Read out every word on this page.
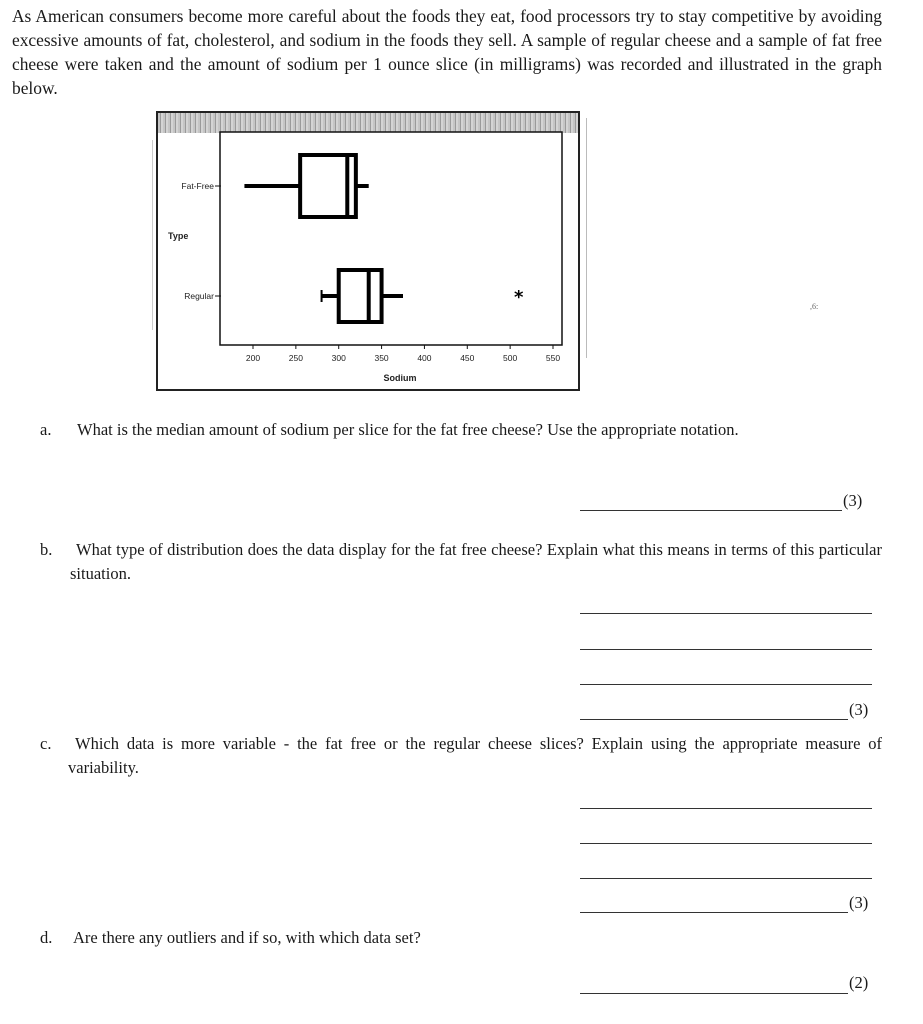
As American consumers become more careful about the foods they eat, food processors try to stay competitive by avoiding excessive amounts of fat, cholesterol, and sodium in the foods they sell. A sample of regular cheese and a sample of fat free cheese were taken and the amount of sodium per 1 ounce slice (in milligrams) was recorded and illustrated in the graph below.
200	250	300	350	400	450	500	550
Fat-Free
Regular	*
Type
Sodium
,6:
a. What is the median amount of sodium per slice for the fat free cheese? Use the appropriate notation.
(3)
b.	What type of distribution does the data display for the fat free cheese? Explain what this means in terms of this particular situation.
(3)
c.	Which data is more variable - the fat free or the regular cheese slices? Explain using the appropriate measure of variability.
(3)
d. Are there any outliers and if so, with which data set?
(2)
